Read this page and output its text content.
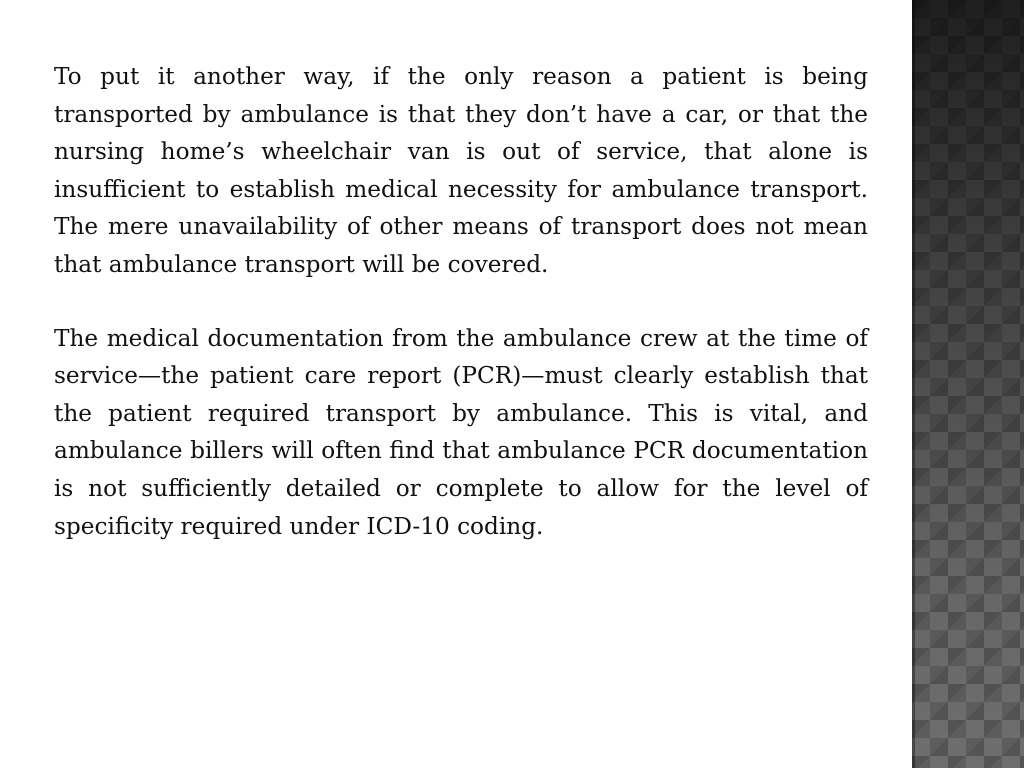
To put it another way, if the only reason a patient is being transported by ambulance is that they don’t have a car, or that the nursing home’s wheelchair van is out of service, that alone is insufficient to establish medical necessity for ambulance transport. The mere unavailability of other means of transport does not mean that ambulance transport will be covered.

The medical documentation from the ambulance crew at the time of service—the patient care report (PCR)—must clearly establish that the patient required transport by ambulance. This is vital, and ambulance billers will often find that ambulance PCR documentation is not sufficiently detailed or complete to allow for the level of specificity required under ICD-10 coding.
